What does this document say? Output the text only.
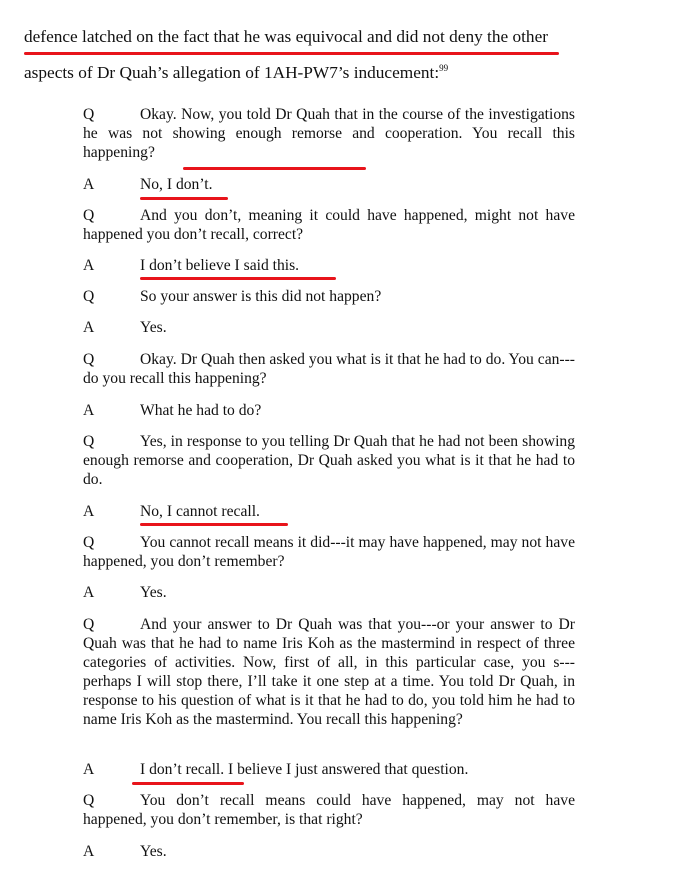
defence latched on the fact that he was equivocal and did not deny the other
aspects of Dr Quah’s allegation of 1AH-PW7’s inducement:$^{99}$
Q	Okay. Now, you told Dr Quah that in the course of the investigations he was not showing enough remorse and cooperation. You recall this happening?
A	No, I don’t.
Q	And you don’t, meaning it could have happened, might not have happened you don’t recall, correct?
A	I don’t believe I said this.
Q	So your answer is this did not happen?
A	Yes.
Q	Okay. Dr Quah then asked you what is it that he had to do. You can---do you recall this happening?
A	What he had to do?
Q	Yes, in response to you telling Dr Quah that he had not been showing enough remorse and cooperation, Dr Quah asked you what is it that he had to do.
A	No, I cannot recall.
Q	You cannot recall means it did---it may have happened, may not have happened, you don’t remember?
A	Yes.
Q	And your answer to Dr Quah was that you---or your answer to Dr Quah was that he had to name Iris Koh as the mastermind in respect of three categories of activities. Now, first of all, in this particular case, you s---perhaps I will stop there, I’ll take it one step at a time. You told Dr Quah, in response to his question of what is it that he had to do, you told him he had to name Iris Koh as the mastermind. You recall this happening?
A	I don’t recall. I believe I just answered that question.
Q	You don’t recall means could have happened, may not have happened, you don’t remember, is that right?
A	Yes.
